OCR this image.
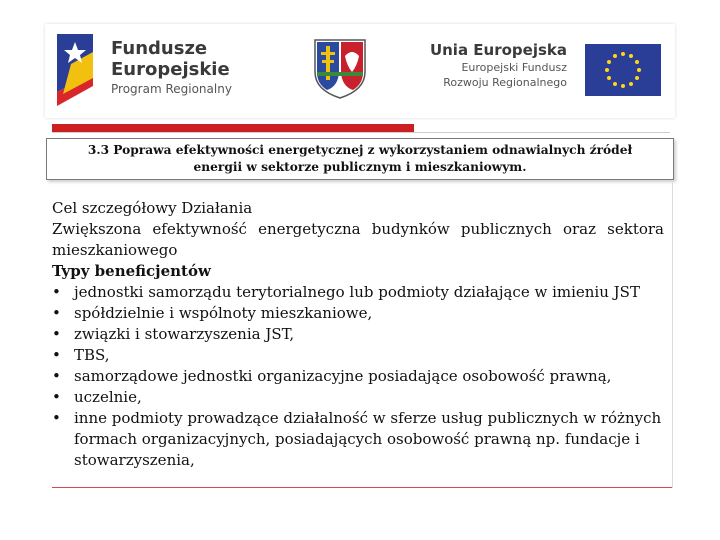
Fundusze
Europejskie
Program Regionalny
Unia Europejska
Europejski Fundusz
Rozwoju Regionalnego
3.3 Poprawa efektywności energetycznej z wykorzystaniem odnawialnych źródeł
energii w sektorze publicznym i mieszkaniowym.

Cel szczegółowy Działania

Zwiększona efektywność energetyczna budynków publicznych oraz sektora

mieszkaniowego

Typy beneficjentów

• jednostki samorządu terytorialnego lub podmioty działające w imieniu JST
• spółdzielnie i wspólnoty mieszkaniowe,
• związki i stowarzyszenia JST,
• TBS,
• samorządowe jednostki organizacyjne posiadające osobowość prawną,
• uczelnie,
• inne podmioty prowadzące działalność w sferze usług publicznych w różnych formach organizacyjnych, posiadających osobowość prawną np. fundacje i stowarzyszenia,
